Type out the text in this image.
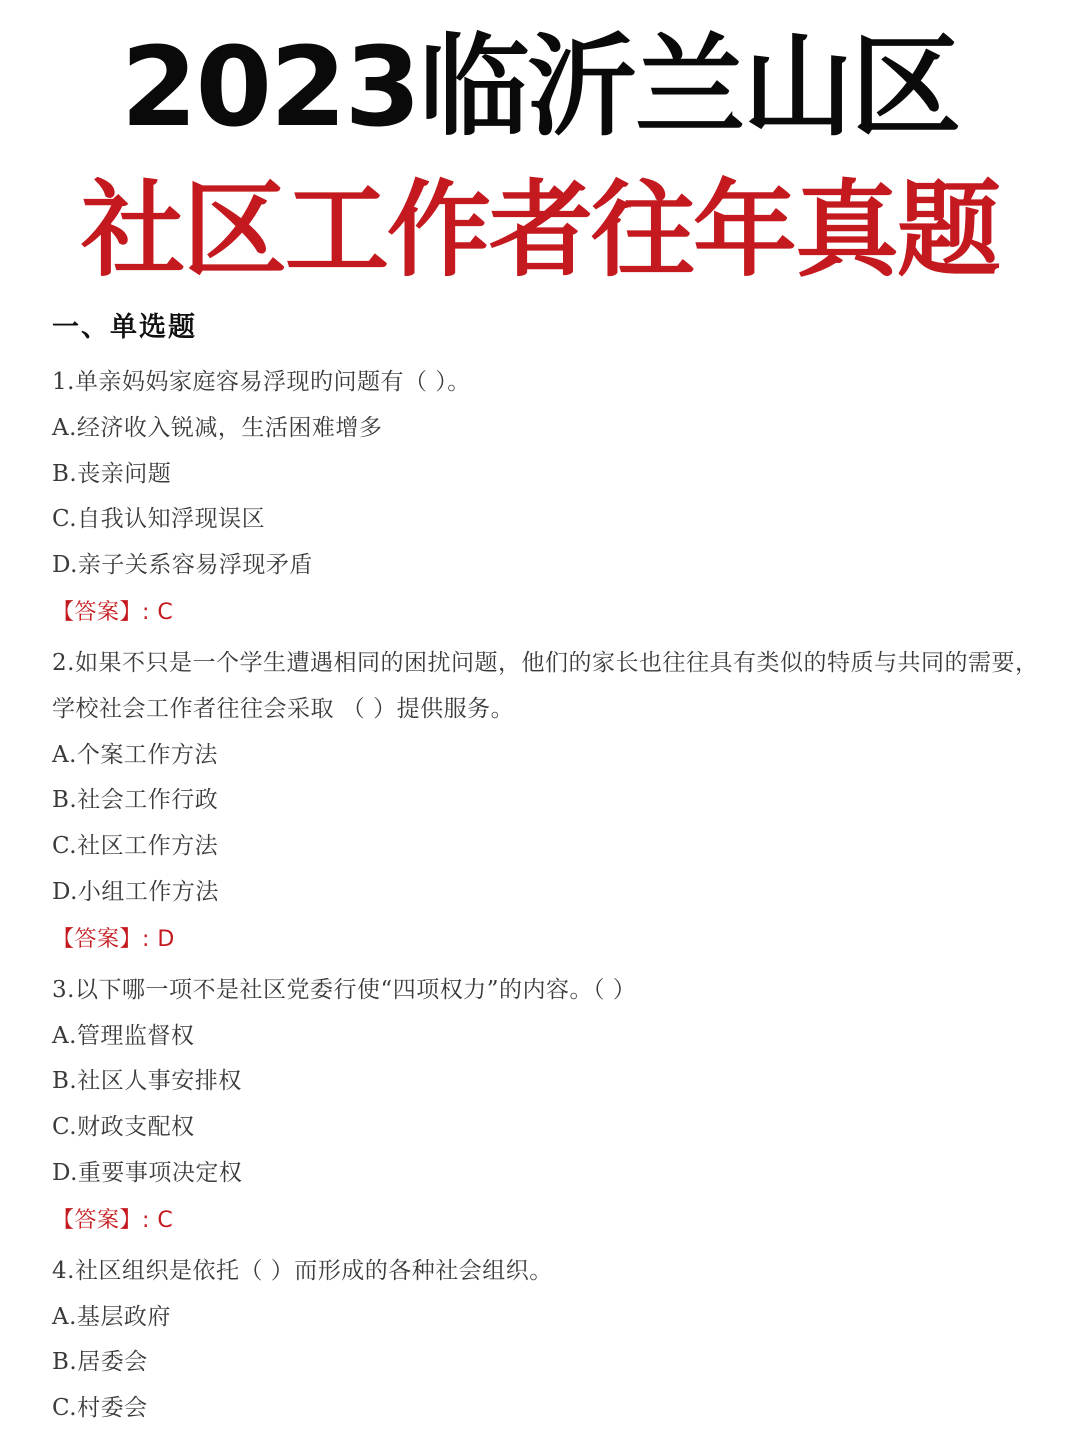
2023临沂兰山区
社区工作者往年真题
一、单选题
1.单亲妈妈家庭容易浮现旳问题有（ ）。
A.经济收入锐减，生活困难增多
B.丧亲问题
C.自我认知浮现误区
D.亲子关系容易浮现矛盾
【答案】: C
2.如果不只是一个学生遭遇相同的困扰问题，他们的家长也往往具有类似的特质与共同的需要，
学校社会工作者往往会采取 （ ）提供服务。
A.个案工作方法
B.社会工作行政
C.社区工作方法
D.小组工作方法
【答案】: D
3.以下哪一项不是社区党委行使“四项权力”的内容。（ ）
A.管理监督权
B.社区人事安排权
C.财政支配权
D.重要事项决定权
【答案】: C
4.社区组织是依托（ ）而形成的各种社会组织。
A.基层政府
B.居委会
C.村委会
